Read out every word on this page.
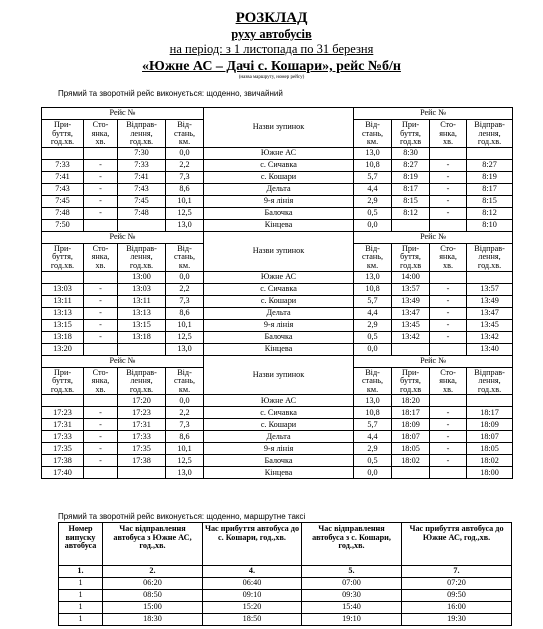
РОЗКЛАД
руху автобусів
на період: з 1 листопада по 31 березня
«Южне АС – Дачі с. Кошари», рейс №б/н
(назва маршруту, номер рейсу)
Прямий та зворотній рейс виконується: щоденно, звичайний
Рейс №				Назви зупинок	Рейс №			
При-
буття,
год.хв.	Сто-
янка,
хв.	Відправ-
лення,
год.хв.	Від-
стань,
км.		Від-
стань,
км.	При-
буття,
год.хв	Сто-
янка,
хв.	Відправ-
лення,
год.хв.
		7:30	0,0	Южне АС	13,0	8:30		
7:33	-	7:33	2,2	с. Сичавка	10,8	8:27	-	8:27
7:41	-	7:41	7,3	с. Кошари	5,7	8:19	-	8:19
7:43	-	7:43	8,6	Дельта	4,4	8:17	-	8:17
7:45	-	7:45	10,1	9-я лінія	2,9	8:15	-	8:15
7:48	-	7:48	12,5	Балочка	0,5	8:12	-	8:12
7:50			13,0	Кінцева	0,0			8:10
Рейс №				Назви зупинок	Рейс №			
При-
буття,
год.хв.	Сто-
янка,
хв.	Відправ-
лення,
год.хв.	Від-
стань,
км.		Від-
стань,
км.	При-
буття,
год.хв	Сто-
янка,
хв.	Відправ-
лення,
год.хв.
		13:00	0,0	Южне АС	13,0	14:00		
13:03	-	13:03	2,2	с. Сичавка	10,8	13:57	-	13:57
13:11	-	13:11	7,3	с. Кошари	5,7	13:49	-	13:49
13:13	-	13:13	8,6	Дельта	4,4	13:47	-	13:47
13:15	-	13:15	10,1	9-я лінія	2,9	13:45	-	13:45
13:18	-	13:18	12,5	Балочка	0,5	13:42	-	13:42
13:20			13,0	Кінцева	0,0			13:40
Рейс №				Назви зупинок	Рейс №			
При-
буття,
год.хв.	Сто-
янка,
хв.	Відправ-
лення,
год.хв.	Від-
стань,
км.		Від-
стань,
км.	При-
буття,
год.хв	Сто-
янка,
хв.	Відправ-
лення,
год.хв.
		17:20	0,0	Южне АС	13,0	18:20		
17:23	-	17:23	2,2	с. Сичавка	10,8	18:17	-	18:17
17:31	-	17:31	7,3	с. Кошари	5,7	18:09	-	18:09
17:33	-	17:33	8,6	Дельта	4,4	18:07	-	18:07
17:35	-	17:35	10,1	9-я лінія	2,9	18:05	-	18:05
17:38	-	17:38	12,5	Балочка	0,5	18:02	-	18:02
17:40			13,0	Кінцева	0,0			18:00
Прямий та зворотній рейс виконується: щоденно, маршрутне таксі
Номер випуску автобуса	Час відправлення автобуса з Южне АС, год.,хв.	Час прибуття автобуса до с. Кошари, год.,хв.	Час відправлення автобуса з с. Кошари, год.,хв.	Час прибуття автобуса до Южне АС, год.,хв.
1.	2.	4.	5.	7.
1	06:20	06:40	07:00	07:20
1	08:50	09:10	09:30	09:50
1	15:00	15:20	15:40	16:00
1	18:30	18:50	19:10	19:30
